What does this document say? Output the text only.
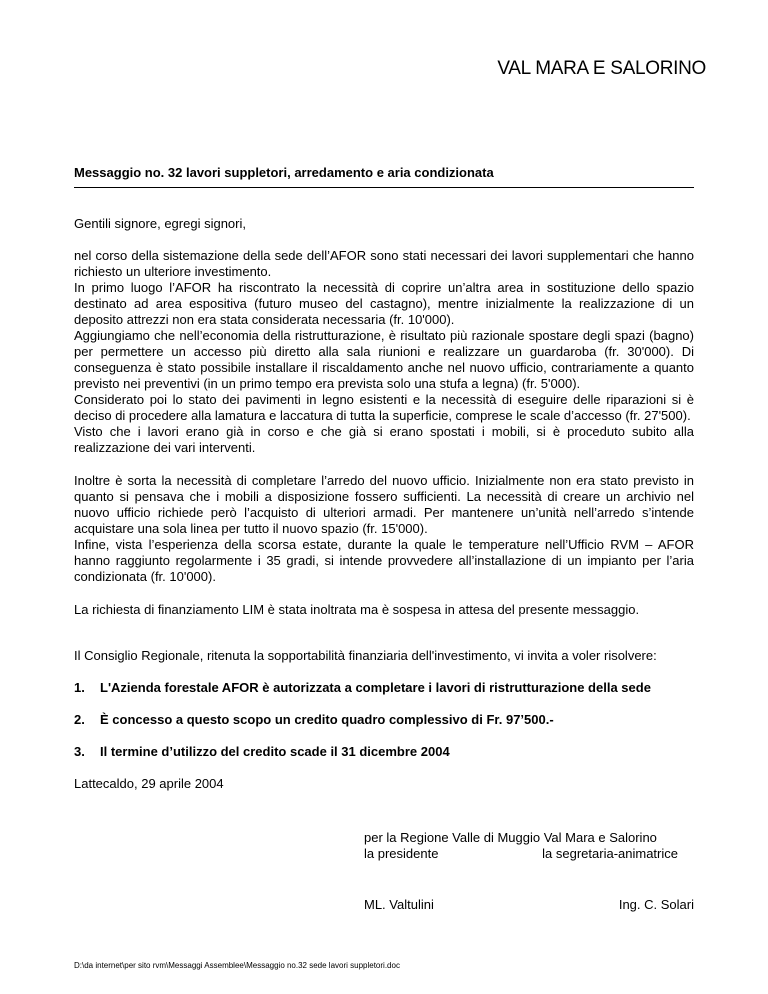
VAL MARA E SALORINO
Messaggio no. 32 lavori suppletori, arredamento e aria condizionata

Gentili signore, egregi signori,

nel corso della sistemazione della sede dell’AFOR sono stati necessari dei lavori supplementari che hanno richiesto un ulteriore investimento.

In primo luogo l’AFOR ha riscontrato la necessità di coprire un’altra area in sostituzione dello spazio destinato ad area espositiva (futuro museo del castagno), mentre inizialmente la realizzazione di un deposito attrezzi non era stata considerata necessaria (fr. 10'000).

Aggiungiamo che nell’economia della ristrutturazione, è risultato più razionale spostare degli spazi (bagno) per permettere un accesso più diretto alla sala riunioni e realizzare un guardaroba (fr. 30'000). Di conseguenza è stato possibile installare il riscaldamento anche nel nuovo ufficio, contrariamente a quanto previsto nei preventivi (in un primo tempo era prevista solo una stufa a legna) (fr. 5'000).

Considerato poi lo stato dei pavimenti in legno esistenti e la necessità di eseguire delle riparazioni si è deciso di procedere alla lamatura e laccatura di tutta la superficie, comprese le scale d’accesso (fr. 27'500).

Visto che i lavori erano già in corso e che già si erano spostati i mobili, si è proceduto subito alla realizzazione dei vari interventi.

Inoltre è sorta la necessità di completare l’arredo del nuovo ufficio. Inizialmente non era stato previsto in quanto si pensava che i mobili a disposizione fossero sufficienti. La necessità di creare un archivio nel nuovo ufficio richiede però l’acquisto di ulteriori armadi. Per mantenere un’unità nell’arredo s’intende acquistare una sola linea per tutto il nuovo spazio (fr. 15'000).

Infine, vista l’esperienza della scorsa estate, durante la quale le temperature nell’Ufficio RVM – AFOR hanno raggiunto regolarmente i 35 gradi, si intende provvedere all’installazione di un impianto per l’aria condizionata (fr. 10'000).

La richiesta di finanziamento LIM è stata inoltrata ma è sospesa in attesa del presente messaggio.

Il Consiglio Regionale, ritenuta la sopportabilità finanziaria dell'investimento, vi invita a voler risolvere:

1.	L'Azienda forestale AFOR è autorizzata a completare i lavori di ristrutturazione della sede
2.	È concesso a questo scopo un credito quadro complessivo di Fr. 97’500.-
3.	Il termine d’utilizzo del credito scade il 31 dicembre 2004

Lattecaldo, 29 aprile 2004

per la Regione Valle di Muggio Val Mara e Salorino
la presidente	la segretaria-animatrice
ML. Valtulini	Ing. C. Solari
D:\da internet\per sito rvm\Messaggi Assemblee\Messaggio no.32 sede lavori suppletori.doc
